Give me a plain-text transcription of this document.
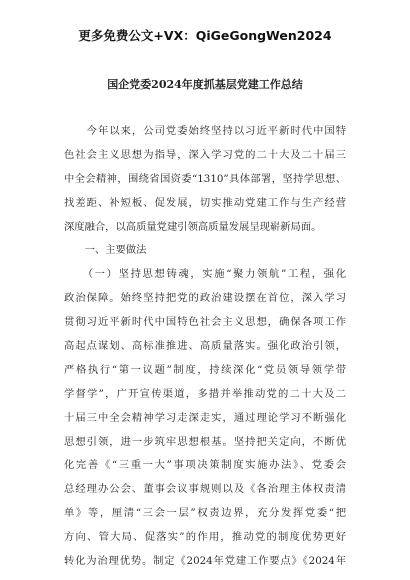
更多免费公文+VX：QiGeGongWen2024
国企党委2024年度抓基层党建工作总结
　　今年以来，公司党委始终坚持以习近平新时代中国特
色社会主义思想为指导，深入学习党的二十大及二十届三
中全会精神，围绕省国资委“1310”具体部署，坚持学思想、
找差距、补短板、促发展，切实推动党建工作与生产经营
深度融合，以高质量党建引领高质量发展呈现崭新局面。
　　一、主要做法
　　（一）坚持思想铸魂，实施“聚力领航”工程，强化
政治保障。始终坚持把党的政治建设摆在首位，深入学习
贯彻习近平新时代中国特色社会主义思想，确保各项工作
高起点谋划、高标准推进、高质量落实。强化政治引领，
严格执行“第一议题”制度，持续深化“党员领导领学带
学督学”，广开宣传渠道，多措并举推动党的二十大及二
十届三中全会精神学习走深走实，通过理论学习不断强化
思想引领，进一步筑牢思想根基。坚持把关定向，不断优
化完善《“三重一大”事项决策制度实施办法》、党委会
总经理办公会、董事会议事规则以及《各治理主体权责清
单》等，厘清“三会一层”权责边界，充分发挥党委“把
方向、管大局、促落实”的作用，推动党的制度优势更好
转化为治理优势。制定《2024年党建工作要点》《2024年
